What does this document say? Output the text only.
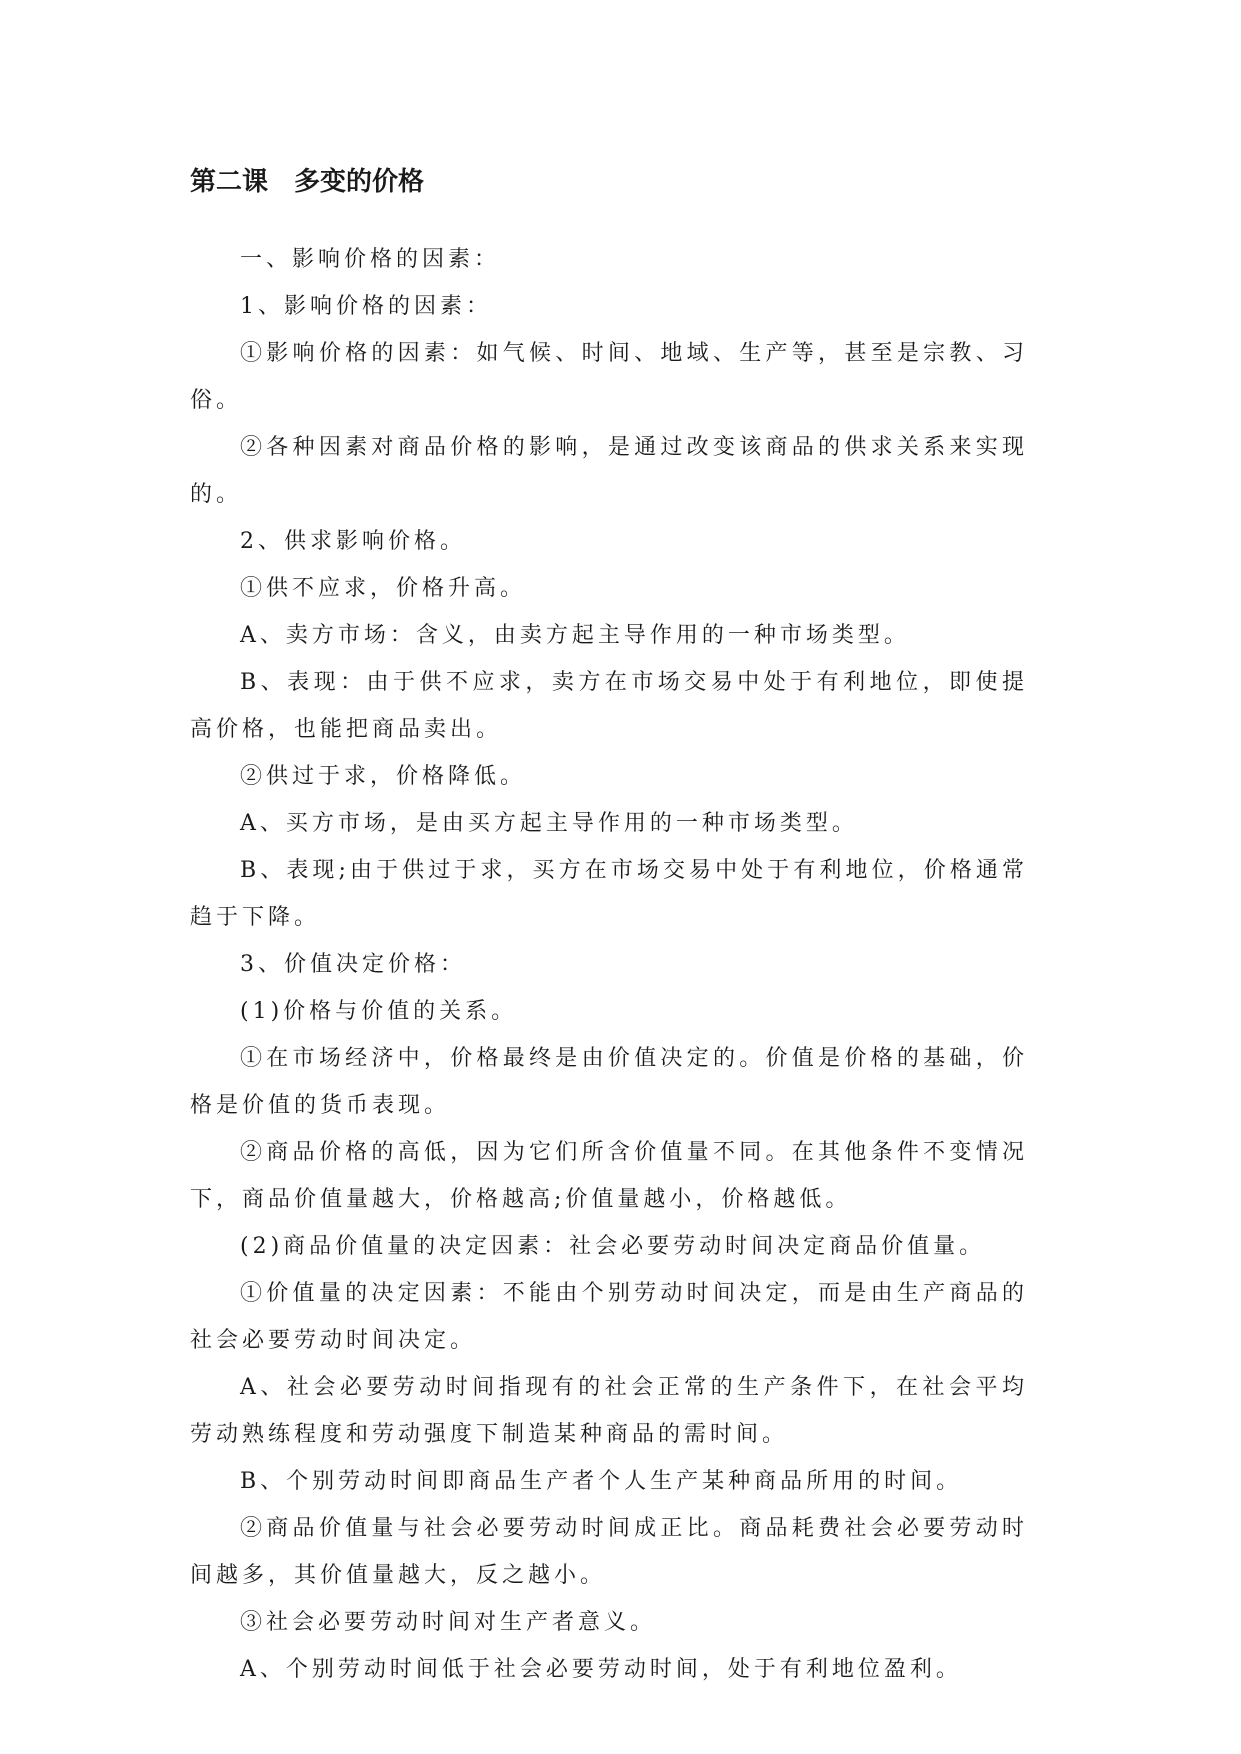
第二课　多变的价格

一、影响价格的因素：

1、影响价格的因素：

①影响价格的因素：如气候、时间、地域、生产等，甚至是宗教、习俗。

②各种因素对商品价格的影响，是通过改变该商品的供求关系来实现的。

2、供求影响价格。

①供不应求，价格升高。

A、卖方市场：含义，由卖方起主导作用的一种市场类型。

B、表现：由于供不应求，卖方在市场交易中处于有利地位，即使提高价格，也能把商品卖出。

②供过于求，价格降低。

A、买方市场，是由买方起主导作用的一种市场类型。

B、表现;由于供过于求，买方在市场交易中处于有利地位，价格通常趋于下降。

3、价值决定价格：

(1)价格与价值的关系。

①在市场经济中，价格最终是由价值决定的。价值是价格的基础，价格是价值的货币表现。

②商品价格的高低，因为它们所含价值量不同。在其他条件不变情况下，商品价值量越大，价格越高;价值量越小，价格越低。

(2)商品价值量的决定因素：社会必要劳动时间决定商品价值量。

①价值量的决定因素：不能由个别劳动时间决定，而是由生产商品的社会必要劳动时间决定。

A、社会必要劳动时间指现有的社会正常的生产条件下，在社会平均劳动熟练程度和劳动强度下制造某种商品的需时间。

B、个别劳动时间即商品生产者个人生产某种商品所用的时间。

②商品价值量与社会必要劳动时间成正比。商品耗费社会必要劳动时间越多，其价值量越大，反之越小。

③社会必要劳动时间对生产者意义。

A、个别劳动时间低于社会必要劳动时间，处于有利地位盈利。
